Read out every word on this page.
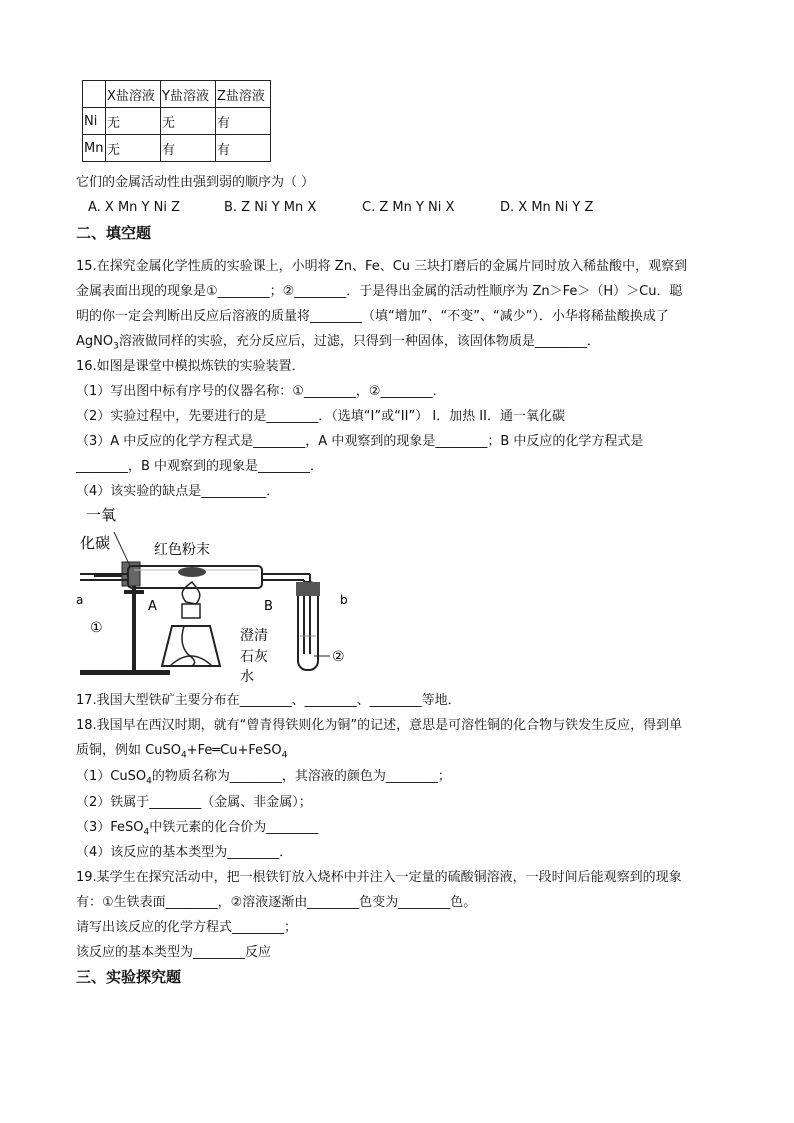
	X盐溶液	Y盐溶液	Z盐溶液
Ni	无	无	有
Mn	无	有	有
它们的金属活动性由强到弱的顺序为（ ）
A. X Mn Y Ni Z	B. Z Ni Y Mn X	C. Z Mn Y Ni X	D. X Mn Ni Y Z
二、填空题
15.在探究金属化学性质的实验课上，小明将 Zn、Fe、Cu 三块打磨后的金属片同时放入稀盐酸中，观察到
金属表面出现的现象是①________；②________．于是得出金属的活动性顺序为 Zn＞Fe＞（H）＞Cu．聪
明的你一定会判断出反应后溶液的质量将________（填“增加”、“不变”、“减少”）．小华将稀盐酸换成了
AgNO$_3$溶液做同样的实验，充分反应后，过滤，只得到一种固体，该固体物质是________．
16.如图是课堂中模拟炼铁的实验装置．
（1）写出图中标有序号的仪器名称：①________，②________．
（2）实验过程中，先要进行的是________．（选填“I”或“II”） I．加热 II．通一氧化碳
（3）A 中反应的化学方程式是________，A 中观察到的现象是________；B 中反应的化学方程式是
________，B 中观察到的现象是________．
（4）该实验的缺点是__________．
一氧
化碳	红色粉末
a	A	B	b
①
②
澄清
石灰
水
17.我国大型铁矿主要分布在________、________、________等地．
18.我国早在西汉时期，就有“曾青得铁则化为铜”的记述，意思是可溶性铜的化合物与铁发生反应，得到单
质铜，例如 CuSO$_4$+Fe═Cu+FeSO$_4$
（1）CuSO$_4$的物质名称为________，其溶液的颜色为________；
（2）铁属于________（金属、非金属）；
（3）FeSO$_4$中铁元素的化合价为________
（4）该反应的基本类型为________．
19.某学生在探究活动中，把一根铁钉放入烧杯中并注入一定量的硫酸铜溶液，一段时间后能观察到的现象
有：①生铁表面________，②溶液逐渐由________色变为________色。
请写出该反应的化学方程式________；
该反应的基本类型为________反应
三、实验探究题
